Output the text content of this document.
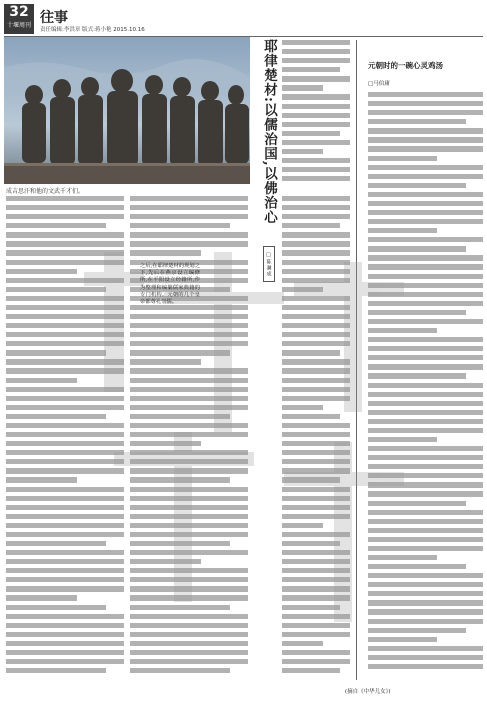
32
十堰周刊 往事
责任编辑:李洪章 版式:蒋小艳 2015.10.16
成吉思汗和他的文武千才们。	耶律楚材:以儒治国,以佛治心
□陈澜成
之后,在耶律楚材的规划之下,先后在燕京设立编修所,在平阳设立经籍所,作为整理和编纂儒家典籍的专门机构。元朝的几个皇帝都尊孔崇儒。
元朝时的一碗心灵鸡汤
□马伯庸
(摘自《中华儿女》)
